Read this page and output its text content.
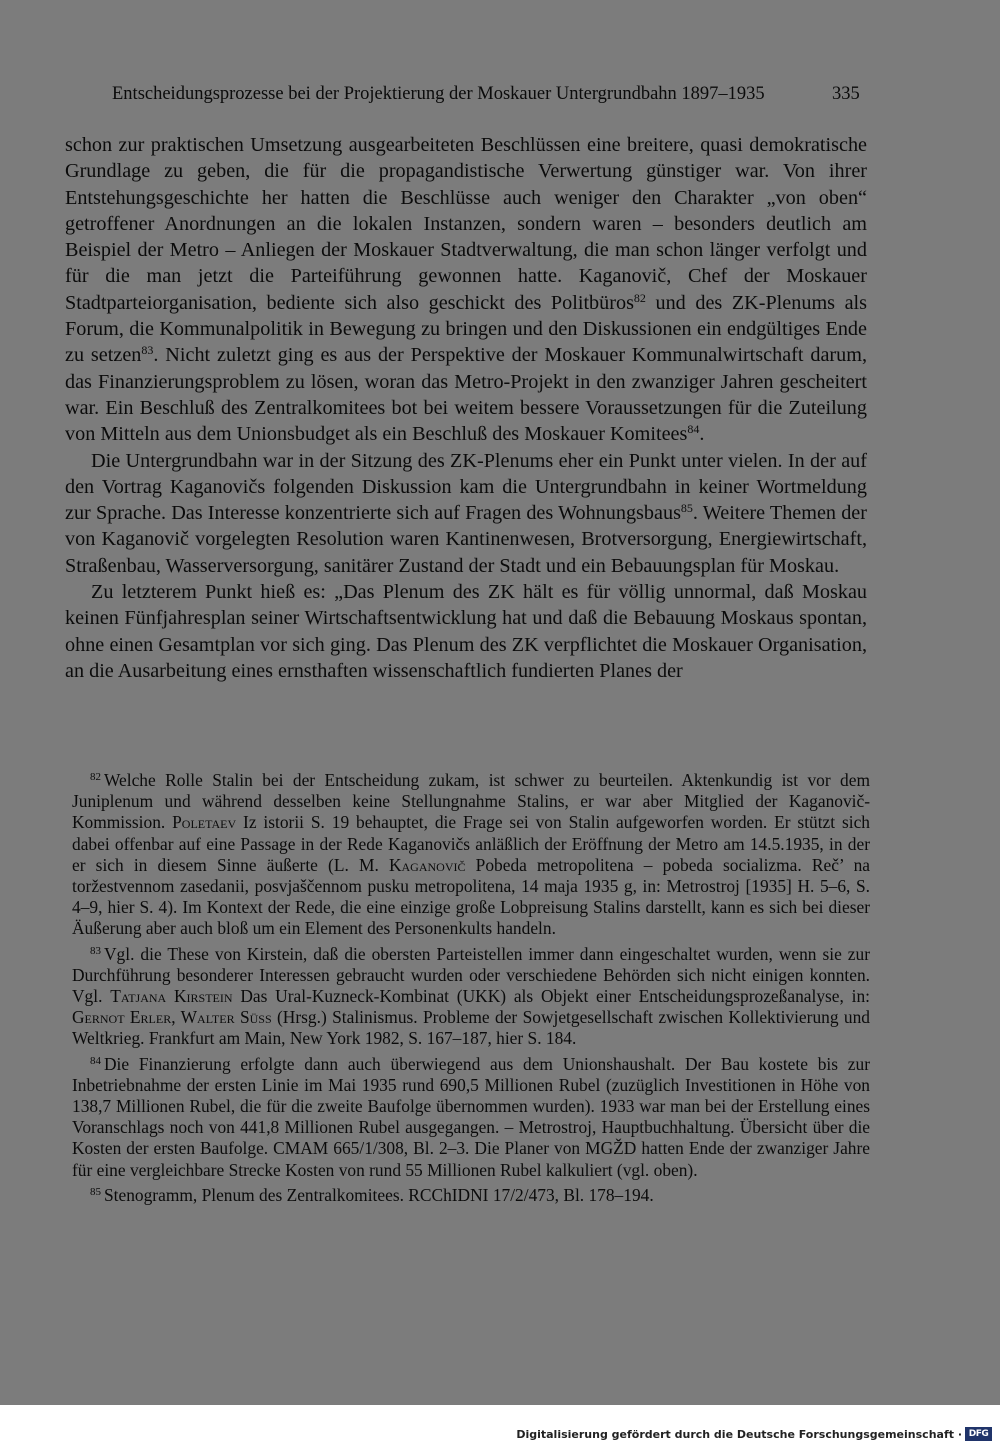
Entscheidungsprozesse bei der Projektierung der Moskauer Untergrundbahn 1897–1935	335

schon zur praktischen Umsetzung ausgearbeiteten Beschlüssen eine breitere, quasi demokratische Grundlage zu geben, die für die propagandistische Verwertung günstiger war. Von ihrer Entstehungsgeschichte her hatten die Beschlüsse auch weniger den Charakter „von oben“ getroffener Anordnungen an die lokalen Instanzen, sondern waren – besonders deutlich am Beispiel der Metro – Anliegen der Moskauer Stadtverwaltung, die man schon länger verfolgt und für die man jetzt die Parteiführung gewonnen hatte. Kaganovič, Chef der Moskauer Stadtparteiorganisation, bediente sich also geschickt des Politbüros$^{82}$ und des ZK-Plenums als Forum, die Kommunalpolitik in Bewegung zu bringen und den Diskussionen ein endgültiges Ende zu setzen$^{83}$. Nicht zuletzt ging es aus der Perspektive der Moskauer Kommunalwirtschaft darum, das Finanzierungsproblem zu lösen, woran das Metro-Projekt in den zwanziger Jahren gescheitert war. Ein Beschluß des Zentralkomitees bot bei weitem bessere Voraussetzungen für die Zuteilung von Mitteln aus dem Unionsbudget als ein Beschluß des Moskauer Komitees$^{84}$.

Die Untergrundbahn war in der Sitzung des ZK-Plenums eher ein Punkt unter vielen. In der auf den Vortrag Kaganovičs folgenden Diskussion kam die Untergrundbahn in keiner Wortmeldung zur Sprache. Das Interesse konzentrierte sich auf Fragen des Wohnungsbaus$^{85}$. Weitere Themen der von Kaganovič vorgelegten Resolution waren Kantinenwesen, Brotversorgung, Energiewirtschaft, Straßenbau, Wasserversorgung, sanitärer Zustand der Stadt und ein Bebauungsplan für Moskau.

Zu letzterem Punkt hieß es: „Das Plenum des ZK hält es für völlig unnormal, daß Moskau keinen Fünfjahresplan seiner Wirtschaftsentwicklung hat und daß die Bebauung Moskaus spontan, ohne einen Gesamtplan vor sich ging. Das Plenum des ZK verpflichtet die Moskauer Organisation, an die Ausarbeitung eines ernsthaften wissenschaftlich fundierten Planes der

$^{82}$ Welche Rolle Stalin bei der Entscheidung zukam, ist schwer zu beurteilen. Aktenkundig ist vor dem Juniplenum und während desselben keine Stellungnahme Stalins, er war aber Mitglied der Kaganovič-Kommission. Poletaev Iz istorii S. 19 behauptet, die Frage sei von Stalin aufgeworfen worden. Er stützt sich dabei offenbar auf eine Passage in der Rede Kaganovičs anläßlich der Eröffnung der Metro am 14.5.1935, in der er sich in diesem Sinne äußerte (L. M. Kaganovič Pobeda metropolitena – pobeda socializma. Reč’ na toržestvennom zasedanii, posvjaščennom pusku metropolitena, 14 maja 1935 g, in: Metrostroj [1935] H. 5–6, S. 4–9, hier S. 4). Im Kontext der Rede, die eine einzige große Lobpreisung Stalins darstellt, kann es sich bei dieser Äußerung aber auch bloß um ein Element des Personenkults handeln.

$^{83}$ Vgl. die These von Kirstein, daß die obersten Parteistellen immer dann eingeschaltet wurden, wenn sie zur Durchführung besonderer Interessen gebraucht wurden oder verschiedene Behörden sich nicht einigen konnten. Vgl. Tatjana Kirstein Das Ural-Kuzneck-Kombinat (UKK) als Objekt einer Entscheidungsprozeßanalyse, in: Gernot Erler, Walter Süß (Hrsg.) Stalinismus. Probleme der Sowjetgesellschaft zwischen Kollektivierung und Weltkrieg. Frankfurt am Main, New York 1982, S. 167–187, hier S. 184.

$^{84}$ Die Finanzierung erfolgte dann auch überwiegend aus dem Unionshaushalt. Der Bau kostete bis zur Inbetriebnahme der ersten Linie im Mai 1935 rund 690,5 Millionen Rubel (zuzüglich Investitionen in Höhe von 138,7 Millionen Rubel, die für die zweite Baufolge übernommen wurden). 1933 war man bei der Erstellung eines Voranschlags noch von 441,8 Millionen Rubel ausgegangen. – Metrostroj, Hauptbuchhaltung. Übersicht über die Kosten der ersten Baufolge. CMAM 665/1/308, Bl. 2–3. Die Planer von MGŽD hatten Ende der zwanziger Jahre für eine vergleichbare Strecke Kosten von rund 55 Millionen Rubel kalkuliert (vgl. oben).

$^{85}$ Stenogramm, Plenum des Zentralkomitees. RCChIDNI 17/2/473, Bl. 178–194.

Digitalisierung gefördert durch die Deutsche Forschungsgemeinschaft · DFG
